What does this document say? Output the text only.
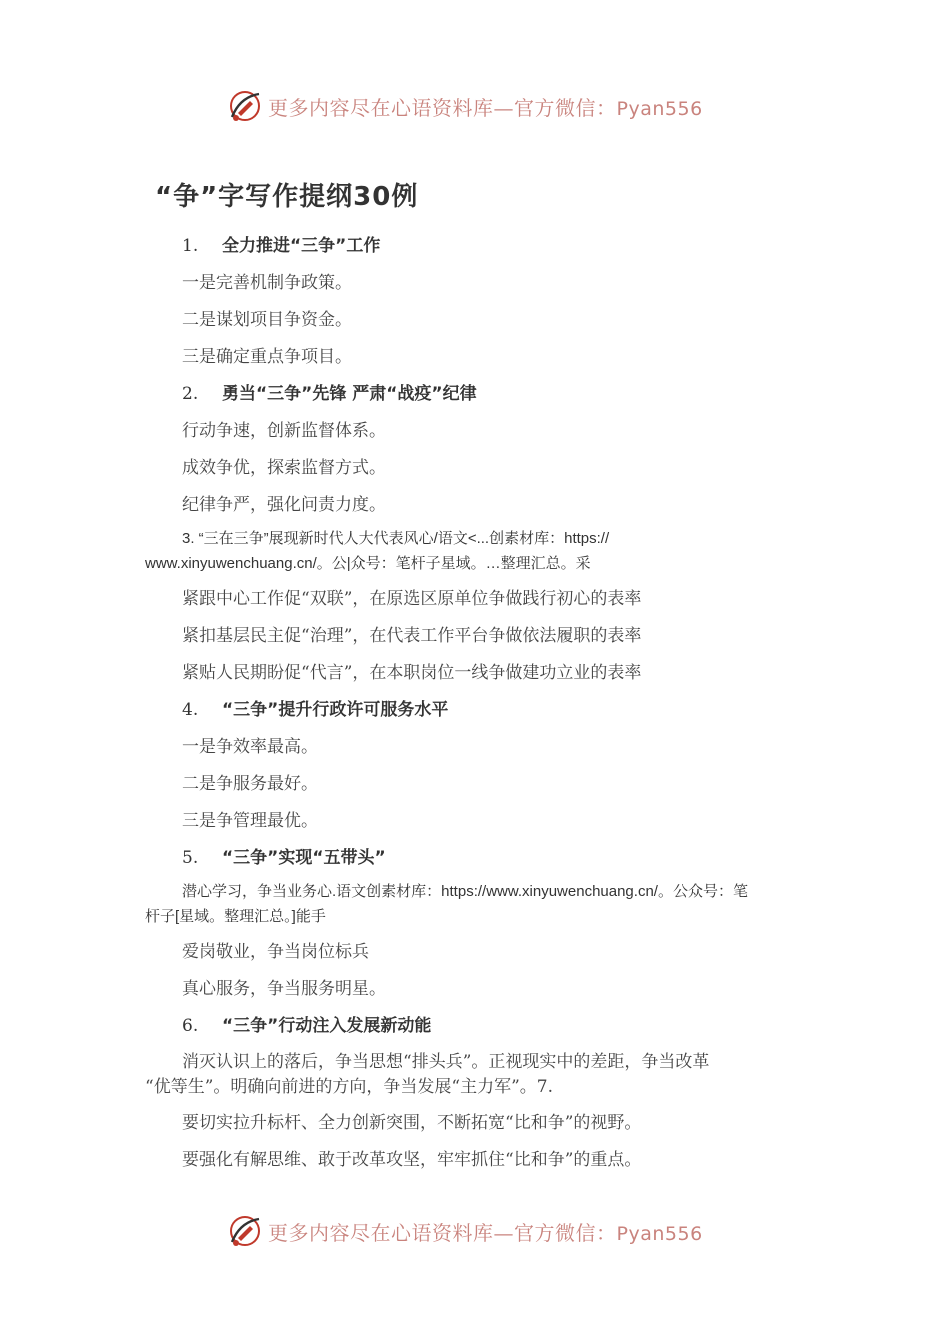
更多内容尽在心语资料库—官方微信：Pyan556
“争”字写作提纲30例
1. 全力推进“三争”工作
一是完善机制争政策。
二是谋划项目争资金。
三是确定重点争项目。
2. 勇当“三争”先锋 严肃“战疫”纪律
行动争速，创新监督体系。
成效争优，探索监督方式。
纪律争严，强化问责力度。
3. “三在三争”展现新时代人大代表风心/语文<...创素材库：https://
www.xinyuwenchuang.cn/。公|众号：笔杆子星域。…整理汇总。采
紧跟中心工作促“双联”，在原选区原单位争做践行初心的表率
紧扣基层民主促“治理”，在代表工作平台争做依法履职的表率
紧贴人民期盼促“代言”，在本职岗位一线争做建功立业的表率
4. “三争”提升行政许可服务水平
一是争效率最高。
二是争服务最好。
三是争管理最优。
5. “三争”实现“五带头”
潜心学习，争当业务心.语文创素材库：https://www.xinyuwenchuang.cn/。公众号：笔
杆子[星域。整理汇总。]能手
爱岗敬业，争当岗位标兵
真心服务，争当服务明星。
6. “三争”行动注入发展新动能
消灭认识上的落后，争当思想“排头兵”。正视现实中的差距，争当改革
“优等生”。明确向前进的方向，争当发展“主力军”。7.
要切实拉升标杆、全力创新突围，不断拓宽“比和争”的视野。
要强化有解思维、敢于改革攻坚，牢牢抓住“比和争”的重点。
更多内容尽在心语资料库—官方微信：Pyan556
